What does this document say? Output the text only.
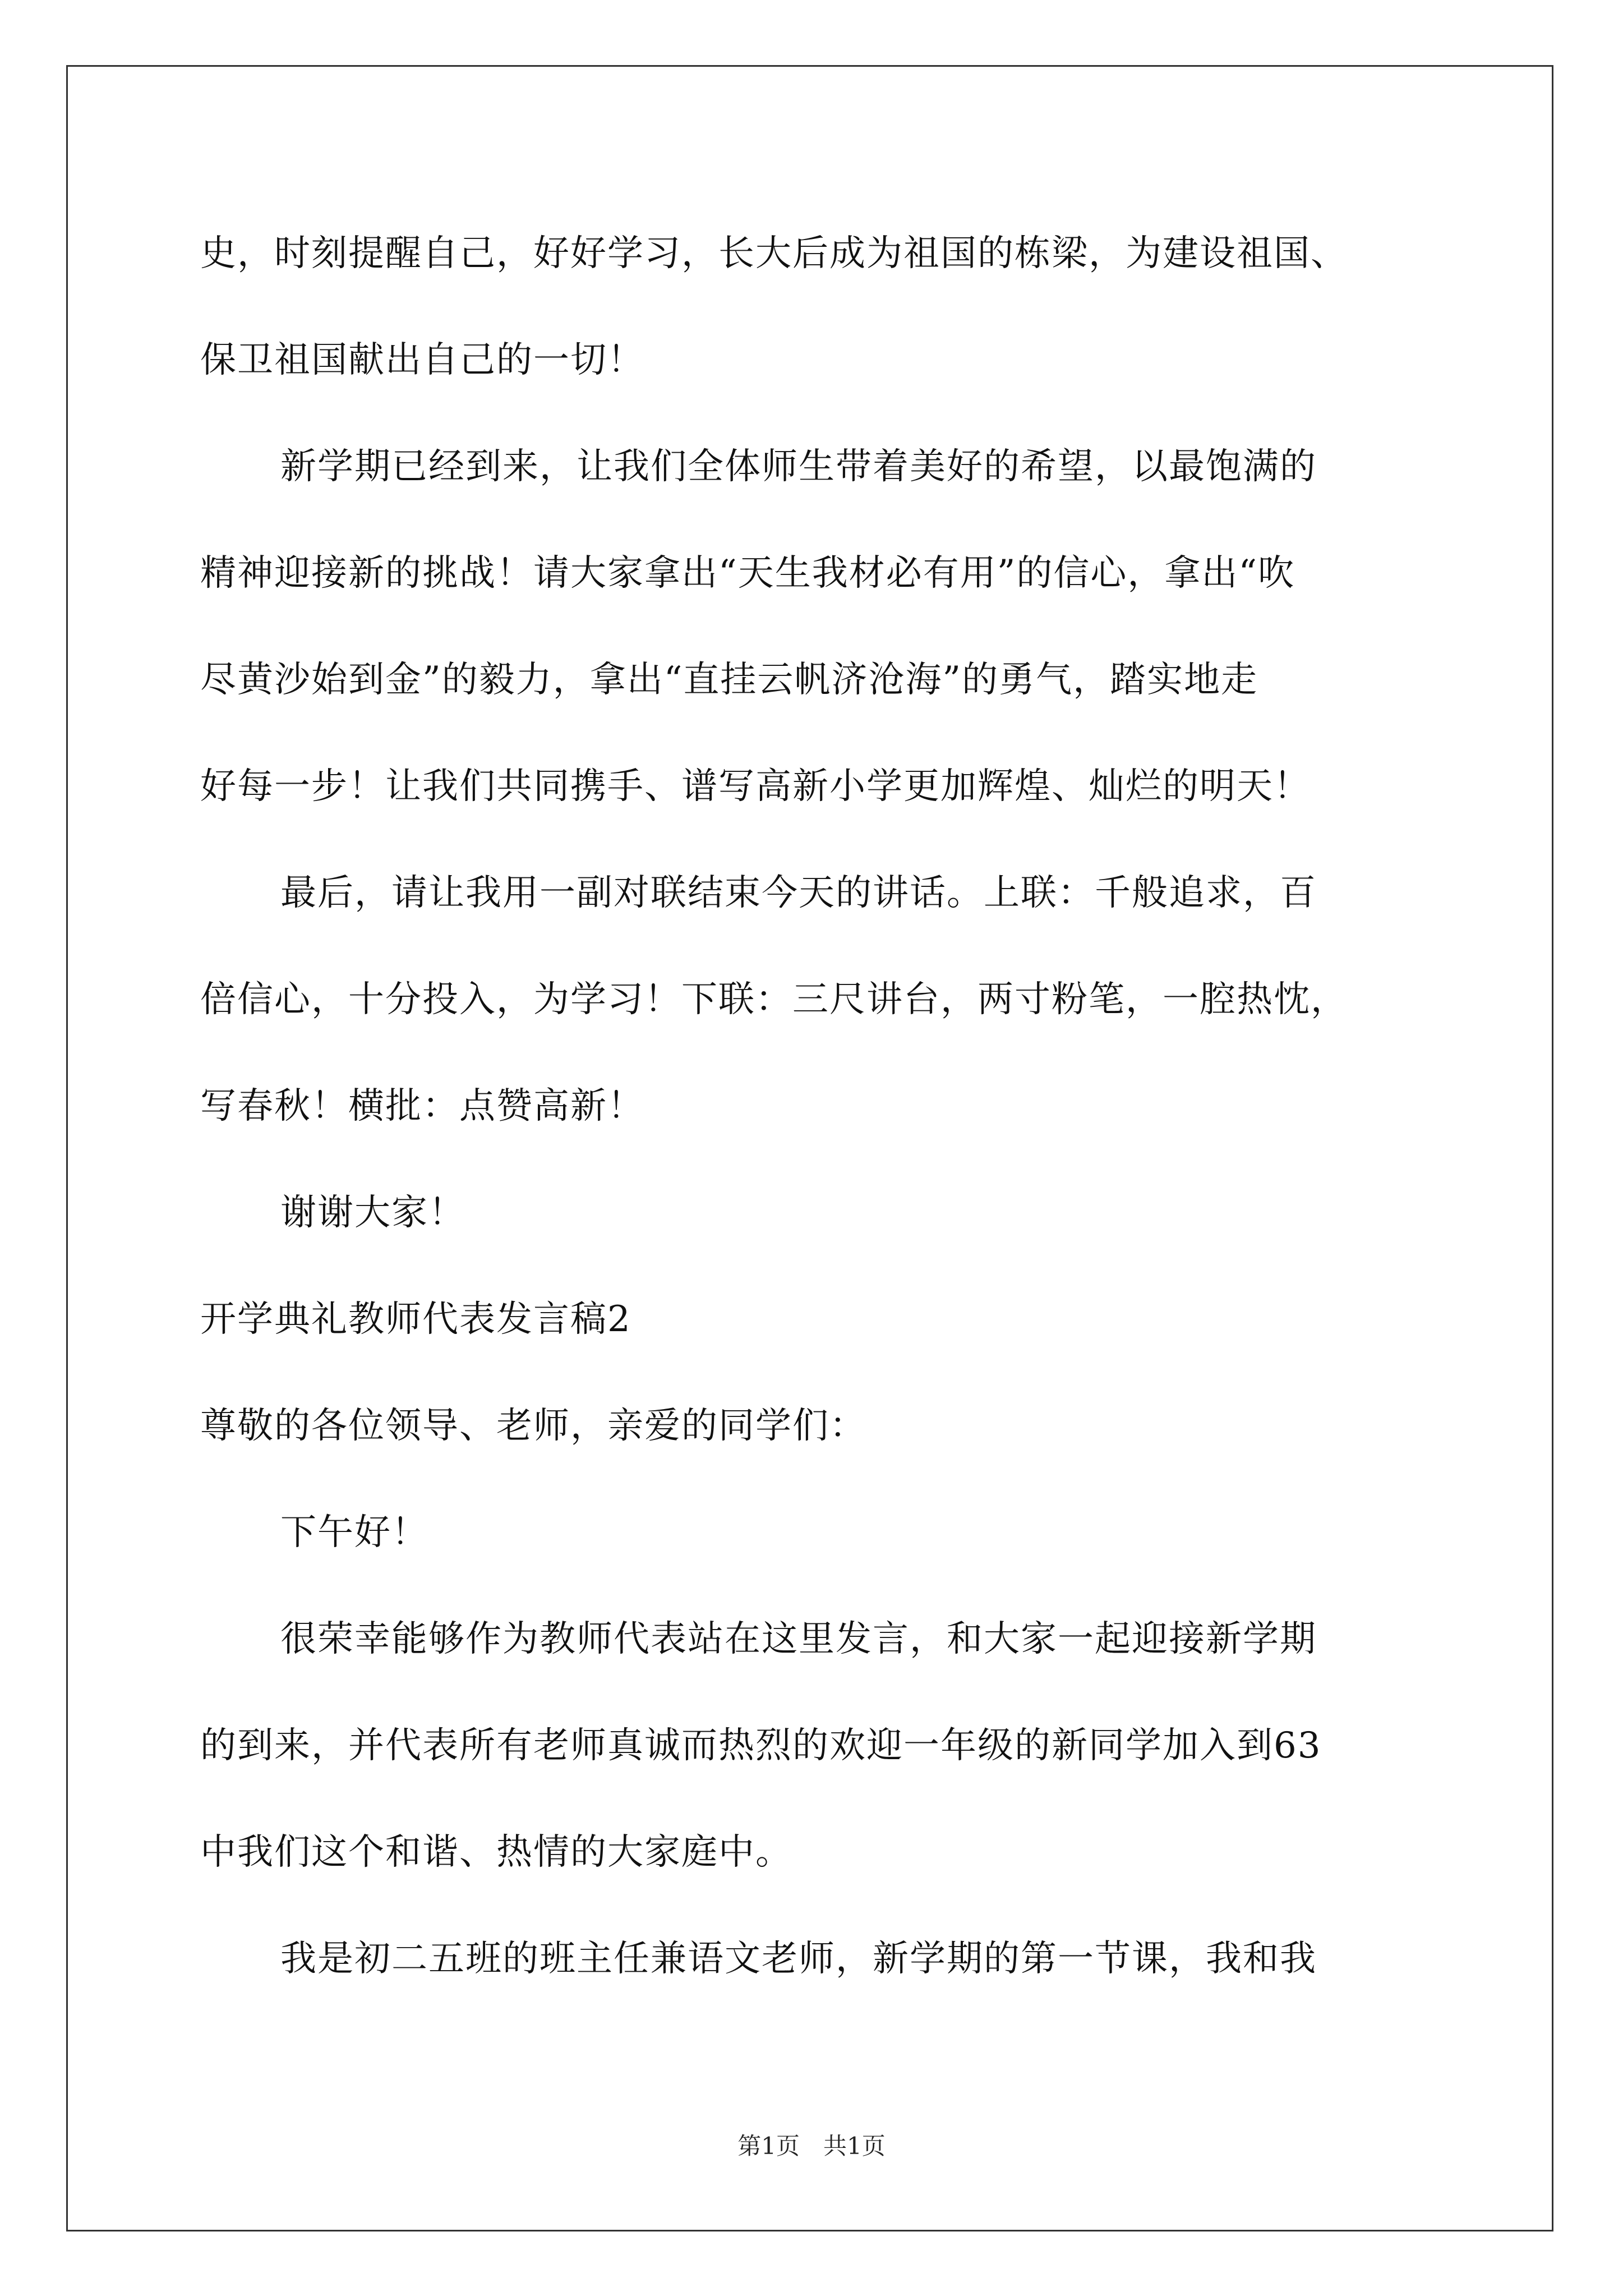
史，时刻提醒自己，好好学习，长大后成为祖国的栋梁，为建设祖国、
保卫祖国献出自己的一切！
新学期已经到来，让我们全体师生带着美好的希望，以最饱满的
精神迎接新的挑战！请大家拿出“天生我材必有用”的信心，拿出“吹
尽黄沙始到金”的毅力，拿出“直挂云帆济沧海”的勇气，踏实地走
好每一步！让我们共同携手、谱写高新小学更加辉煌、灿烂的明天！
最后，请让我用一副对联结束今天的讲话。上联：千般追求，百
倍信心，十分投入，为学习！下联：三尺讲台，两寸粉笔，一腔热忱，
写春秋！横批：点赞高新！
谢谢大家！
开学典礼教师代表发言稿2
尊敬的各位领导、老师，亲爱的同学们：
下午好！
很荣幸能够作为教师代表站在这里发言，和大家一起迎接新学期
的到来，并代表所有老师真诚而热烈的欢迎一年级的新同学加入到63
中我们这个和谐、热情的大家庭中。
我是初二五班的班主任兼语文老师，新学期的第一节课，我和我
第1页　共1页
